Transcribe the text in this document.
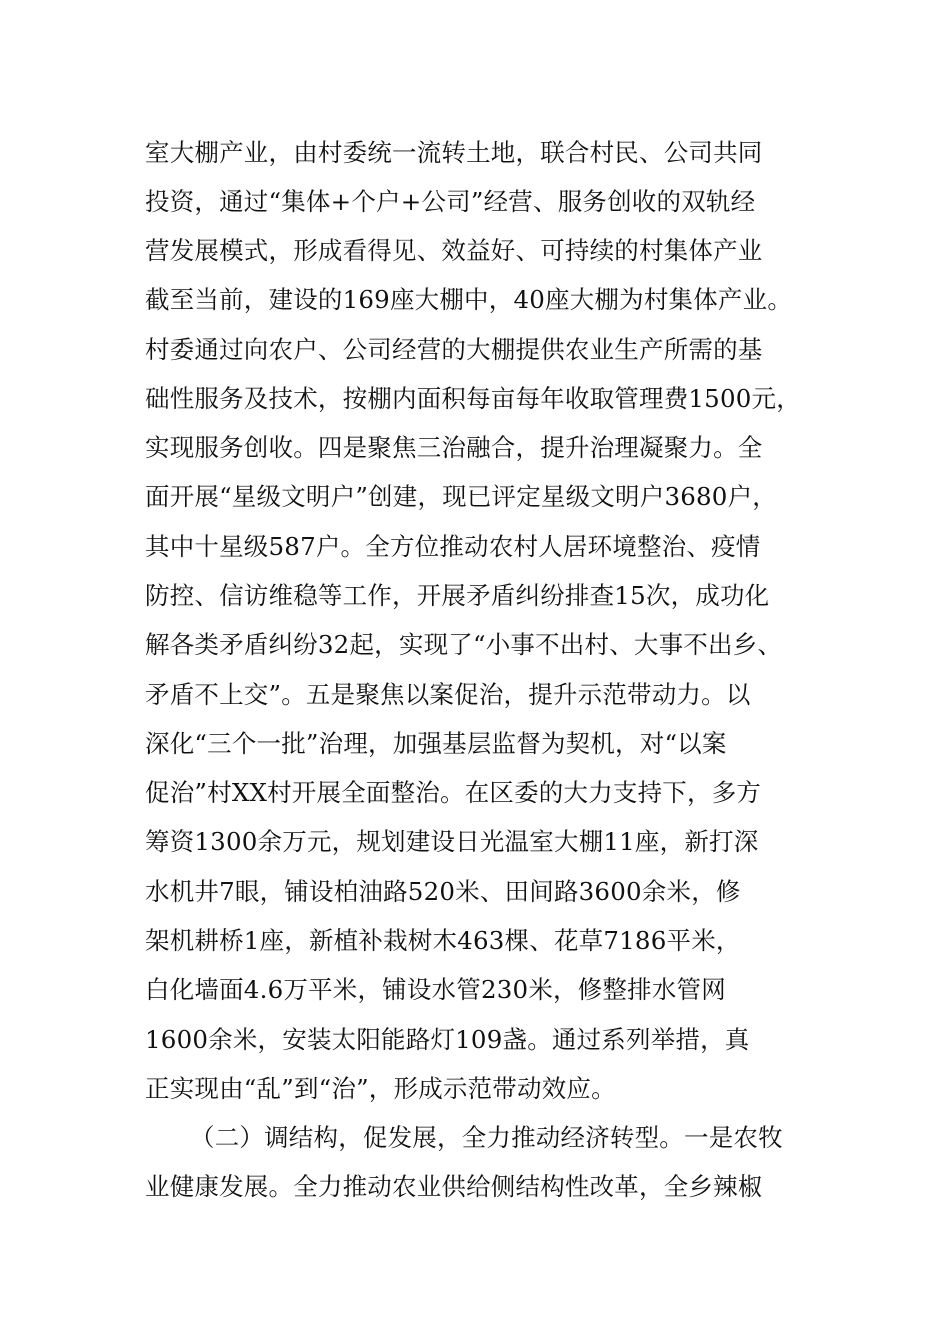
室大棚产业，由村委统一流转土地，联合村民、公司共同
投资，通过“集体+个户+公司”经营、服务创收的双轨经
营发展模式，形成看得见、效益好、可持续的村集体产业
截至当前，建设的169座大棚中，40座大棚为村集体产业。
村委通过向农户、公司经营的大棚提供农业生产所需的基
础性服务及技术，按棚内面积每亩每年收取管理费1500元，
实现服务创收。四是聚焦三治融合，提升治理凝聚力。全
面开展“星级文明户”创建，现已评定星级文明户3680户，
其中十星级587户。全方位推动农村人居环境整治、疫情
防控、信访维稳等工作，开展矛盾纠纷排查15次，成功化
解各类矛盾纠纷32起，实现了“小事不出村、大事不出乡、
矛盾不上交”。五是聚焦以案促治，提升示范带动力。以
深化“三个一批”治理，加强基层监督为契机，对“以案
促治”村XX村开展全面整治。在区委的大力支持下，多方
筹资1300余万元，规划建设日光温室大棚11座，新打深
水机井7眼，铺设柏油路520米、田间路3600余米，修
架机耕桥1座，新植补栽树木463棵、花草7186平米，
白化墙面4.6万平米，铺设水管230米，修整排水管网
1600余米，安装太阳能路灯109盏。通过系列举措，真
正实现由“乱”到“治”，形成示范带动效应。
（二）调结构，促发展，全力推动经济转型。一是农牧
业健康发展。全力推动农业供给侧结构性改革，全乡辣椒
